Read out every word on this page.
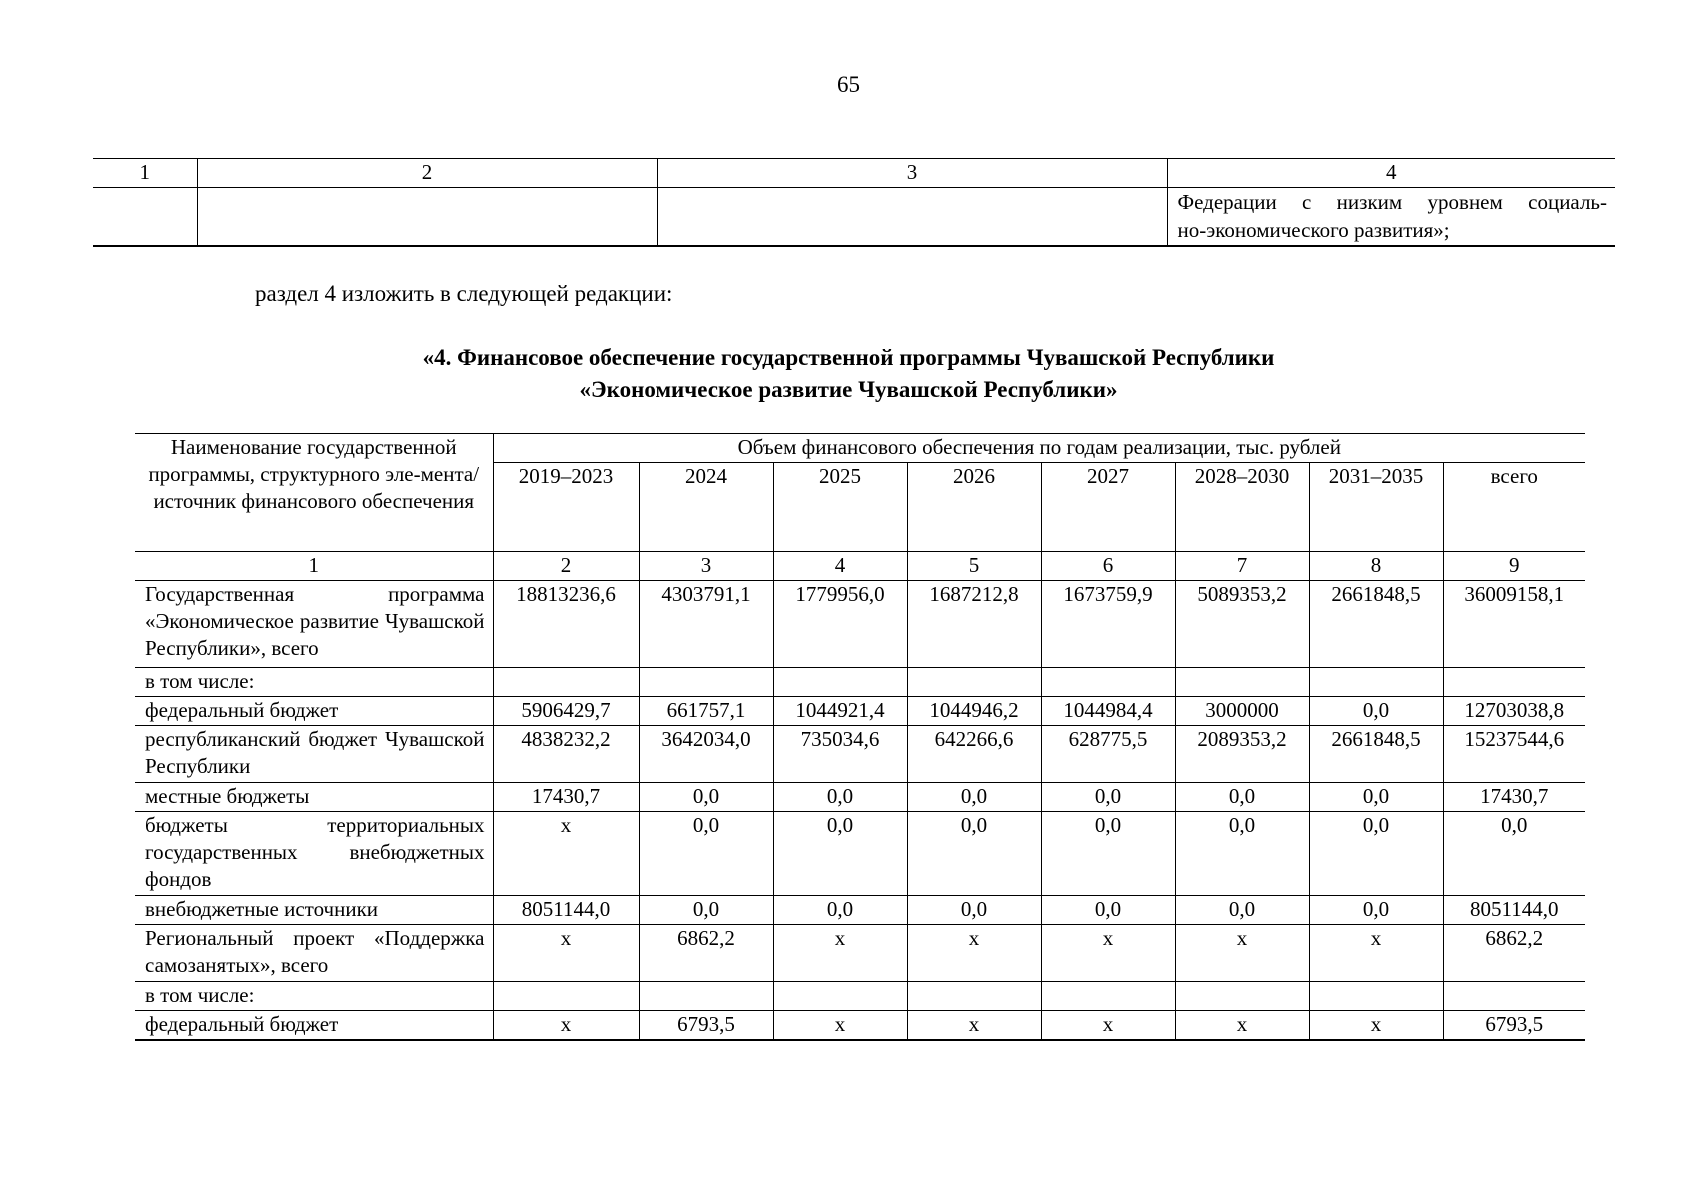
65
1	2	3	4

			Федерации с низким уровнем социаль-
но-экономического развития»;
раздел 4 изложить в следующей редакции:
«4. Финансовое обеспечение государственной программы Чувашской Республики
«Экономическое развитие Чувашской Республики»
Наименование государственной программы, структурного эле-мента/источник финансового обеспечения	Объем финансового обеспечения по годам реализации, тыс. рублей							
	2019–2023	2024	2025	2026	2027	2028–2030	2031–2035	всего
1	2	3	4	5	6	7	8	9
Государственная программа «Экономическое развитие Чувашской Республики», всего	18813236,6	4303791,1	1779956,0	1687212,8	1673759,9	5089353,2	2661848,5	36009158,1
в том числе:								
федеральный бюджет	5906429,7	661757,1	1044921,4	1044946,2	1044984,4	3000000	0,0	12703038,8
республиканский бюджет Чувашской Республики	4838232,2	3642034,0	735034,6	642266,6	628775,5	2089353,2	2661848,5	15237544,6
местные бюджеты	17430,7	0,0	0,0	0,0	0,0	0,0	0,0	17430,7
бюджеты территориальных государственных внебюджетных фондов	х	0,0	0,0	0,0	0,0	0,0	0,0	0,0
внебюджетные источники	8051144,0	0,0	0,0	0,0	0,0	0,0	0,0	8051144,0
Региональный проект «Поддержка самозанятых», всего	х	6862,2	х	х	х	х	х	6862,2
в том числе:								
федеральный бюджет	х	6793,5	х	х	х	х	х	6793,5
